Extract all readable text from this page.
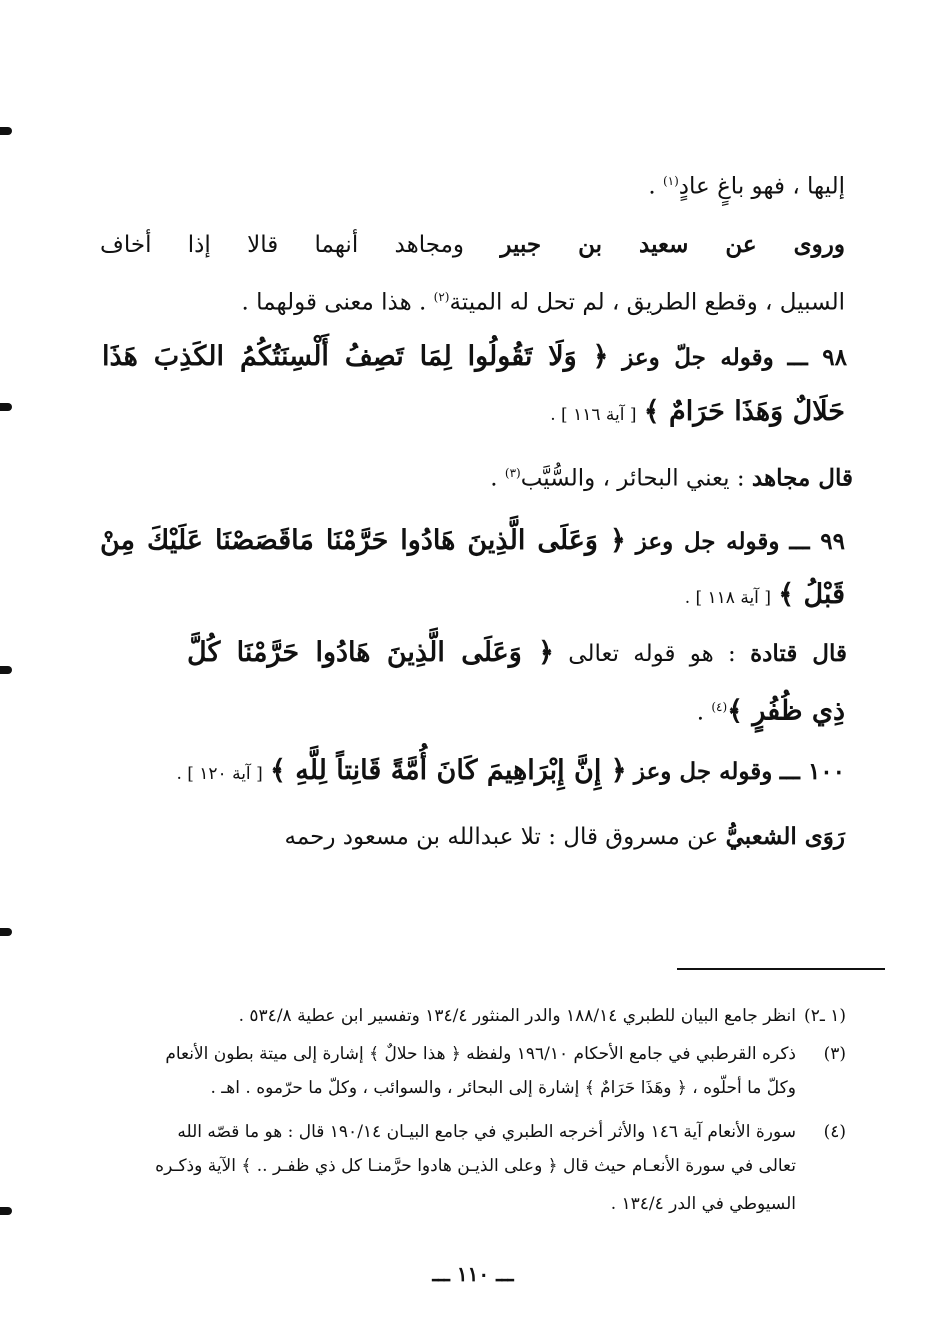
إليها ، فهو باغٍ عادٍ$^{(١)}$ .
وروى عن سعيد بن جبير ومجاهد أنهما قالا إذا أخاف
السبيل ، وقطع الطريق ، لم تحل له الميتة$^{(٢)}$ . هذا معنى قولهما .
٩٨ ـــ وقوله جلّ وعز ﴿ وَلَا تَقُولُوا لِمَا تَصِفُ أَلْسِنَتُكُمُ الكَذِبَ هَذَا
حَلَالٌ وَهَذَا حَرَامٌ ﴾ [ آية ١١٦ ] .
قال مجاهد : يعني البحائر ، والسُّيَّب$^{(٣)}$ .
٩٩ ـــ وقوله جل وعز ﴿ وَعَلَى الَّذِينَ هَادُوا حَرَّمْنَا مَاقَصَصْنَا عَلَيْكَ مِنْ
قَبْلُ ﴾ [ آية ١١٨ ] .
قال قتادة : هو قوله تعالى ﴿ وَعَلَى الَّذِينَ هَادُوا حَرَّمْنَا كُلَّ
ذِي ظُفُرٍ ﴾$^{(٤)}$ .
١٠٠ ـــ وقوله جل وعز ﴿ إِنَّ إِبْرَاهِيمَ كَانَ أُمَّةً قَانِتاً لِلَّهِ ﴾ [ آية ١٢٠ ] .
رَوَى الشعبيُّ عن مسروق قال : تلا عبدالله بن مسعود رحمه
(١ ـ٢)انظر جامع البيان للطبري ١٨٨/١٤ والدر المنثور ١٣٤/٤ وتفسير ابن عطية ٥٣٤/٨ .
(٣)ذكره القرطبي في جامع الأحكام ١٩٦/١٠ ولفظه ﴿ هذا حلالٌ ﴾ إشارة إلى ميتة بطون الأنعام
وكلّ ما أحلّوه ، ﴿ وهَذَا حَرَامٌ ﴾ إشارة إلى البحائر ، والسوائب ، وكلّ ما حرّموه . اهـ .
(٤)سورة الأنعام آية ١٤٦ والأثر أخرجه الطبري في جامع البيـان ١٩٠/١٤ قال : هو ما قصّه الله
تعالى في سورة الأنعـام حيث قال ﴿ وعلى الذيـن هادوا حرَّمنـا كل ذي ظفـر .. ﴾ الآية وذكـره
السيوطي في الدر ١٣٤/٤ .
ـــ ١١٠ ـــ
